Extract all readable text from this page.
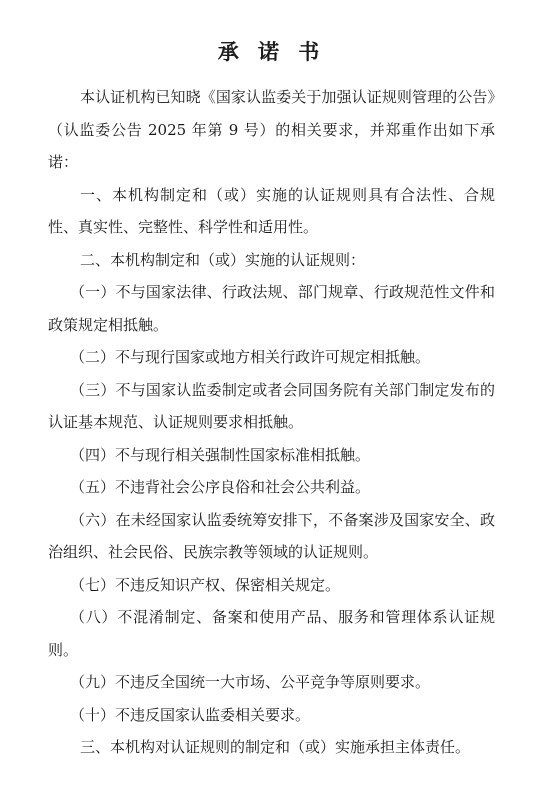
承 诺 书

本认证机构已知晓《国家认监委关于加强认证规则管理的公告》（认监委公告 2025 年第 9 号）的相关要求，并郑重作出如下承诺：

一、本机构制定和（或）实施的认证规则具有合法性、合规性、真实性、完整性、科学性和适用性。

二、本机构制定和（或）实施的认证规则：

（一）不与国家法律、行政法规、部门规章、行政规范性文件和政策规定相抵触。

（二）不与现行国家或地方相关行政许可规定相抵触。

（三）不与国家认监委制定或者会同国务院有关部门制定发布的认证基本规范、认证规则要求相抵触。

（四）不与现行相关强制性国家标准相抵触。

（五）不违背社会公序良俗和社会公共利益。

（六）在未经国家认监委统筹安排下，不备案涉及国家安全、政治组织、社会民俗、民族宗教等领域的认证规则。

（七）不违反知识产权、保密相关规定。

（八）不混淆制定、备案和使用产品、服务和管理体系认证规则。

（九）不违反全国统一大市场、公平竞争等原则要求。

（十）不违反国家认监委相关要求。

三、本机构对认证规则的制定和（或）实施承担主体责任。
